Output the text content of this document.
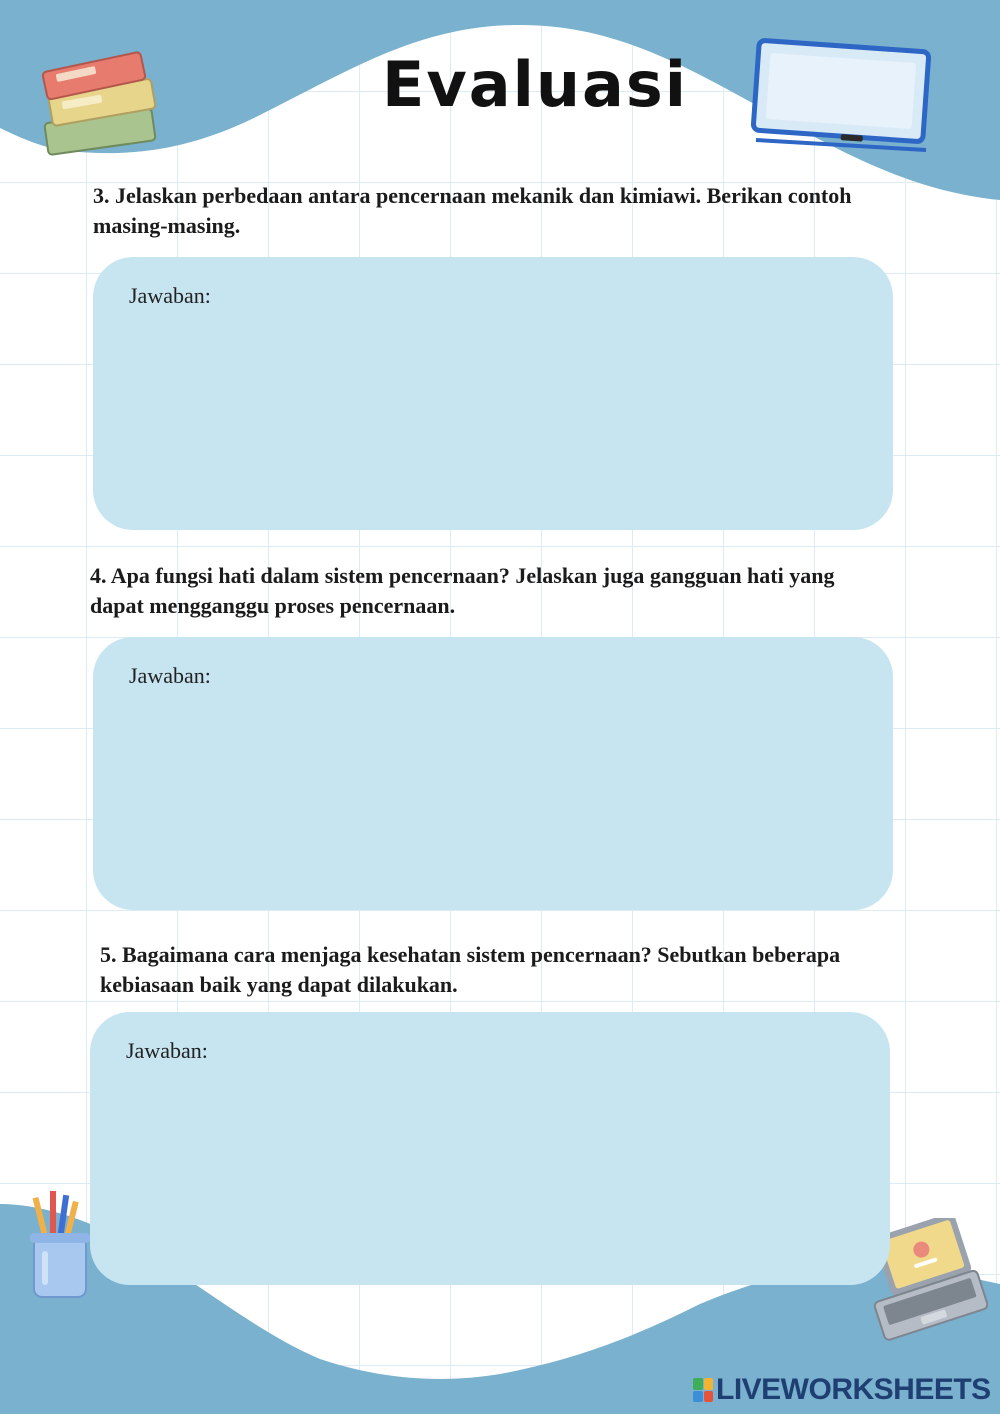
Evaluasi

3. Jelaskan perbedaan antara pencernaan mekanik dan kimiawi. Berikan contoh masing-masing.

Jawaban:

4. Apa fungsi hati dalam sistem pencernaan? Jelaskan juga gangguan hati yang dapat mengganggu proses pencernaan.

Jawaban:

5. Bagaimana cara menjaga kesehatan sistem pencernaan? Sebutkan beberapa kebiasaan baik yang dapat dilakukan.

Jawaban:
LIVEWORKSHEETS
